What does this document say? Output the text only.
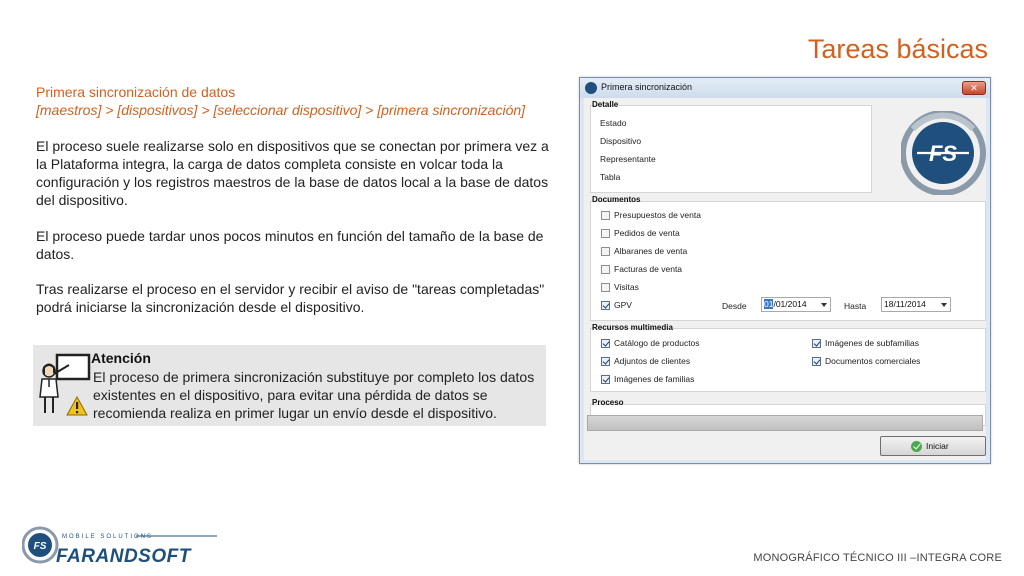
Tareas básicas
Primera sincronización de datos
[maestros] > [dispositivos] > [seleccionar dispositivo] > [primera sincronización]
El proceso suele realizarse solo en dispositivos que se conectan por primera vez a la Plataforma integra, la carga de datos completa consiste en volcar toda la configuración y los registros maestros de la base de datos local a la base de datos del dispositivo.
El proceso puede tardar unos pocos minutos en función del tamaño de la base de datos.
Tras realizarse el proceso en el servidor y recibir el aviso de "tareas completadas" podrá iniciarse la sincronización desde el dispositivo.
Atención
El proceso de primera sincronización substituye por completo los datos existentes en el dispositivo, para evitar una pérdida de datos se recomienda realiza en primer lugar un envío desde el dispositivo.
Primera sincronización	✕
Detalle
Estado
Dispositivo
Representante
Tabla
FS
Documentos
Presupuestos de venta
Pedidos de venta
Albaranes de venta
Facturas de venta
Visitas
GPV	Desde	01/01/2014	Hasta	18/11/2014
Recursos multimedia
Catálogo de productos
Adjuntos de clientes
Imágenes de familias
Imágenes de subfamilias
Documentos comerciales
Proceso
Iniciar
FS
MOBILE SOLUTIONS
FARANDSOFT	MONOGRÁFICO TÉCNICO III –INTEGRA CORE
